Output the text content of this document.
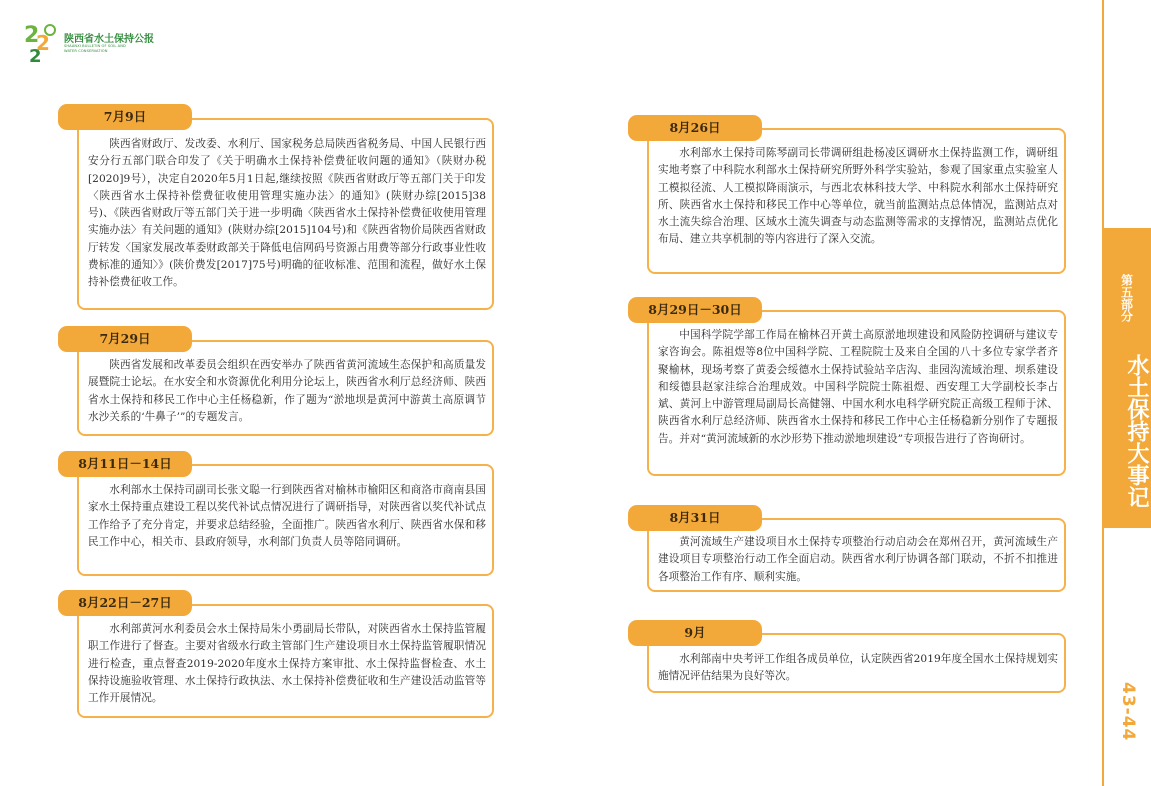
2
2
2
陕西省水土保持公报
SHAANXI BULLETIN OF SOIL AND WATER CONSERVATION
7月9日
陕西省财政厅、发改委、水利厅、国家税务总局陕西省税务局、中国人民银行西安分行五部门联合印发了《关于明确水土保持补偿费征收问题的通知》（陕财办税[2020]9号），决定自2020年5月1日起,继续按照《陕西省财政厅等五部门关于印发〈陕西省水土保持补偿费征收使用管理实施办法〉的通知》(陕财办综[2015]38号)、《陕西省财政厅等五部门关于进一步明确〈陕西省水土保持补偿费征收使用管理实施办法〉有关问题的通知》(陕财办综[2015]104号)和《陕西省物价局陕西省财政厅转发〈国家发展改革委财政部关于降低电信网码号资源占用费等部分行政事业性收费标准的通知〉》(陕价费发[2017]75号)明确的征收标准、范围和流程，做好水土保持补偿费征收工作。
7月29日
陕西省发展和改革委员会组织在西安举办了陕西省黄河流域生态保护和高质量发展暨院士论坛。在水安全和水资源优化利用分论坛上，陕西省水利厅总经济师、陕西省水土保持和移民工作中心主任杨稳新，作了题为“淤地坝是黄河中游黄土高原调节水沙关系的‘牛鼻子’”的专题发言。
8月11日－14日
水利部水土保持司副司长张文聪一行到陕西省对榆林市榆阳区和商洛市商南县国家水土保持重点建设工程以奖代补试点情况进行了调研指导，对陕西省以奖代补试点工作给予了充分肯定，并要求总结经验，全面推广。陕西省水利厅、陕西省水保和移民工作中心，相关市、县政府领导，水利部门负责人员等陪同调研。
8月22日－27日
水利部黄河水利委员会水土保持局朱小勇副局长带队，对陕西省水土保持监管履职工作进行了督查。主要对省级水行政主管部门生产建设项目水土保持监管履职情况进行检查，重点督查2019-2020年度水土保持方案审批、水土保持监督检查、水土保持设施验收管理、水土保持行政执法、水土保持补偿费征收和生产建设活动监管等工作开展情况。
8月26日
水利部水土保持司陈琴副司长带调研组赴杨凌区调研水土保持监测工作，调研组实地考察了中科院水利部水土保持研究所野外科学实验站，参观了国家重点实验室人工模拟径流、人工模拟降雨演示，与西北农林科技大学、中科院水利部水土保持研究所、陕西省水土保持和移民工作中心等单位，就当前监测站点总体情况，监测站点对水土流失综合治理、区域水土流失调查与动态监测等需求的支撑情况，监测站点优化布局、建立共享机制的等内容进行了深入交流。
8月29日－30日
中国科学院学部工作局在榆林召开黄土高原淤地坝建设和风险防控调研与建议专家咨询会。陈祖煜等8位中国科学院、工程院院士及来自全国的八十多位专家学者齐聚榆林，现场考察了黄委会绥德水土保持试验站辛店沟、韭园沟流域治理、坝系建设和绥德县赵家洼综合治理成效。中国科学院院士陈祖煜、西安理工大学副校长李占斌、黄河上中游管理局副局长高健翎、中国水利水电科学研究院正高级工程师于沭、陕西省水利厅总经济师、陕西省水土保持和移民工作中心主任杨稳新分别作了专题报告。并对“黄河流域新的水沙形势下推动淤地坝建设”专项报告进行了咨询研讨。
8月31日
黄河流域生产建设项目水土保持专项整治行动启动会在郑州召开，黄河流域生产建设项目专项整治行动工作全面启动。陕西省水利厅协调各部门联动，不折不扣推进各项整治工作有序、顺利实施。
9月
水利部南中央考评工作组各成员单位，认定陕西省2019年度全国水土保持规划实施情况评估结果为良好等次。
第五部分
水土保持大事记
43-44
